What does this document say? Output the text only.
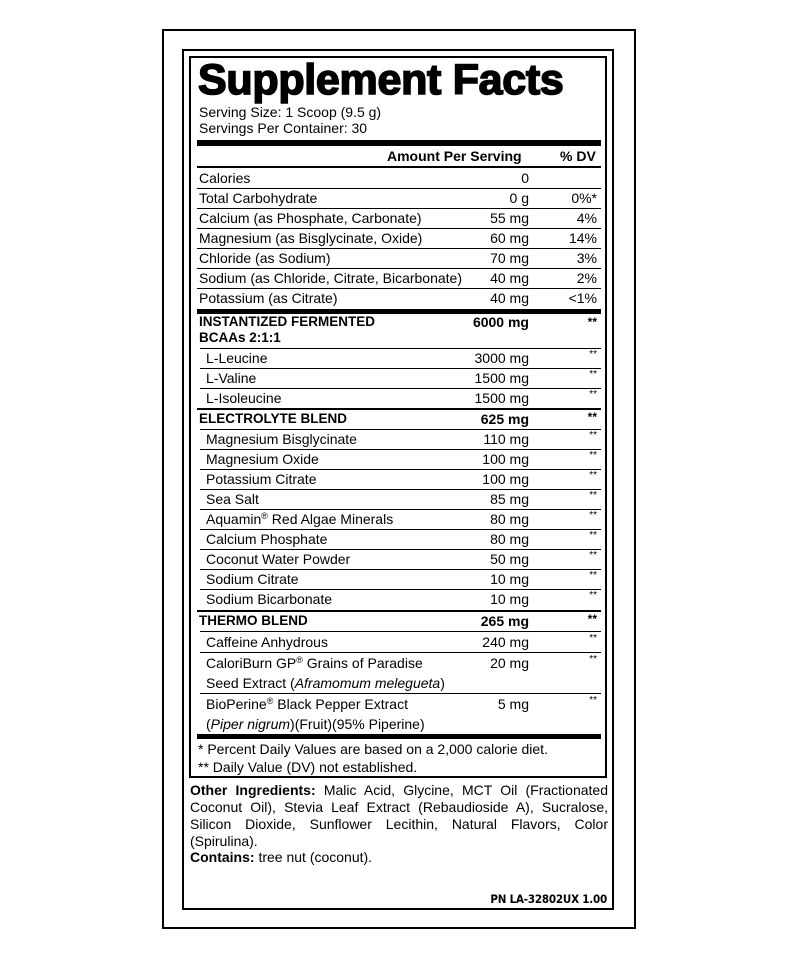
Supplement Facts
Serving Size: 1 Scoop (9.5 g)
Servings Per Container: 30
Amount Per Serving	% DV
Calories	0
Total Carbohydrate	0 g	0%*
Calcium (as Phosphate, Carbonate)	55 mg	4%
Magnesium (as Bisglycinate, Oxide)	60 mg	14%
Chloride (as Sodium)	70 mg	3%
Sodium (as Chloride, Citrate, Bicarbonate) 40 mg	2%
Potassium (as Citrate)	40 mg	<1%
INSTANTIZED FERMENTED
BCAAs 2:1:1
6000 mg	**
L-Leucine	3000 mg	**
L-Valine	1500 mg	**
L-Isoleucine	1500 mg	**
ELECTROLYTE BLEND	625 mg	**
Magnesium Bisglycinate	110 mg	**
Magnesium Oxide	100 mg	**
Potassium Citrate	100 mg	**
Sea Salt	85 mg	**
Aquamin® Red Algae Minerals	80 mg	**
Calcium Phosphate	80 mg	**
Coconut Water Powder	50 mg	**
Sodium Citrate	10 mg	**
Sodium Bicarbonate	10 mg	**
THERMO BLEND	265 mg	**
Caffeine Anhydrous	240 mg	**
CaloriBurn GP® Grains of Paradise
Seed Extract (Aframomum melegueta)
20 mg	**
BioPerine® Black Pepper Extract
(Piper nigrum)(Fruit)(95% Piperine)
5 mg	**
* Percent Daily Values are based on a 2,000 calorie diet.
** Daily Value (DV) not established.
Other Ingredients: Malic Acid, Glycine, MCT Oil (Fractionated Coconut Oil), Stevia Leaf Extract (Rebaudioside A), Sucralose, Silicon Dioxide, Sunflower Lecithin, Natural Flavors, Color (Spirulina).
Contains: tree nut (coconut).
PN LA-32802UX 1.00
